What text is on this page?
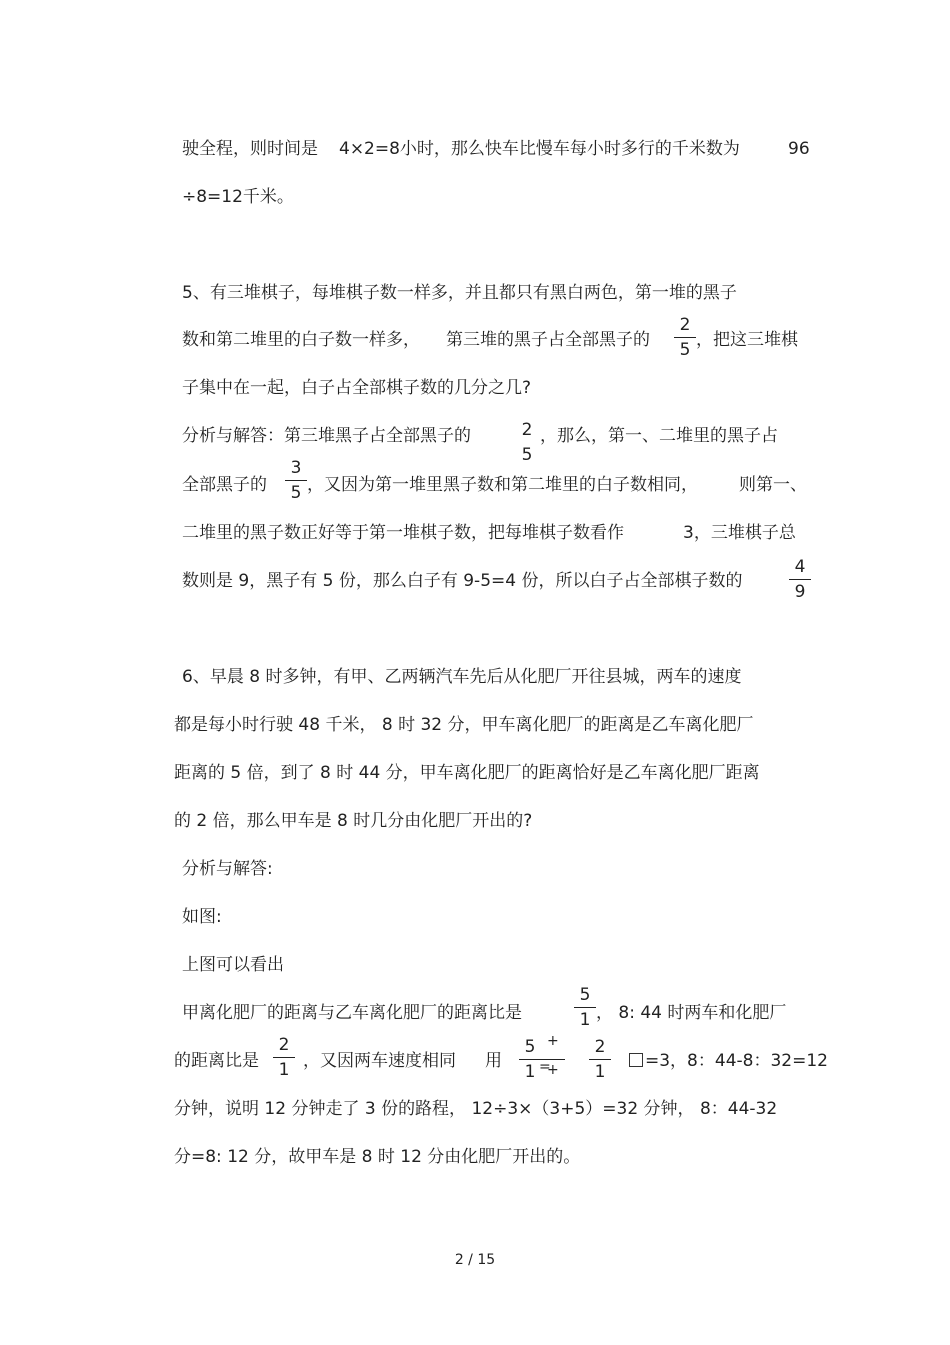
驶全程，则时间是 4×2=8小时，那么快车比慢车每小时多行的千米数为	96
÷8=12千米。
5、有三堆棋子，每堆棋子数一样多，并且都只有黑白两色，第一堆的黑子
数和第二堆里的白子数一样多， 第三堆的黑子占全部黑子的
2
5 ，把这三堆棋
子集中在一起，白子占全部棋子数的几分之几?
分析与解答：第三堆黑子占全部黑子的	2
5
，那么，第一、二堆里的黑子占
全部黑子的
3
5 ，又因为第一堆里黑子数和第二堆里的白子数相同， 则第一、
二堆里的黑子数正好等于第一堆棋子数，把每堆棋子数看作	3，三堆棋子总
数则是 9，黑子有 5 份，那么白子有 9-5=4 份，所以白子占全部棋子数的
4
9
6、早晨 8 时多钟，有甲、乙两辆汽车先后从化肥厂开往县城，两车的速度
都是每小时行驶 48 千米， 8 时 32 分，甲车离化肥厂的距离是乙车离化肥厂
距离的 5 倍，到了 8 时 44 分，甲车离化肥厂的距离恰好是乙车离化肥厂距离
的 2 倍，那么甲车是 8 时几分由化肥厂开出的?
分析与解答:
如图:
上图可以看出
甲离化肥厂的距离与乙车离化肥厂的距离比是
5
1 ， 8: 44 时两车和化肥厂
的距离比是
2
1 ，又因两车速度相同 用
5
1
+
=
+
2
1
=3，8：44-8：32=12
分钟，说明 12 分钟走了 3 份的路程， 12÷3×（3+5）=32 分钟， 8：44-32
分=8: 12 分，故甲车是 8 时 12 分由化肥厂开出的。
2 / 15
